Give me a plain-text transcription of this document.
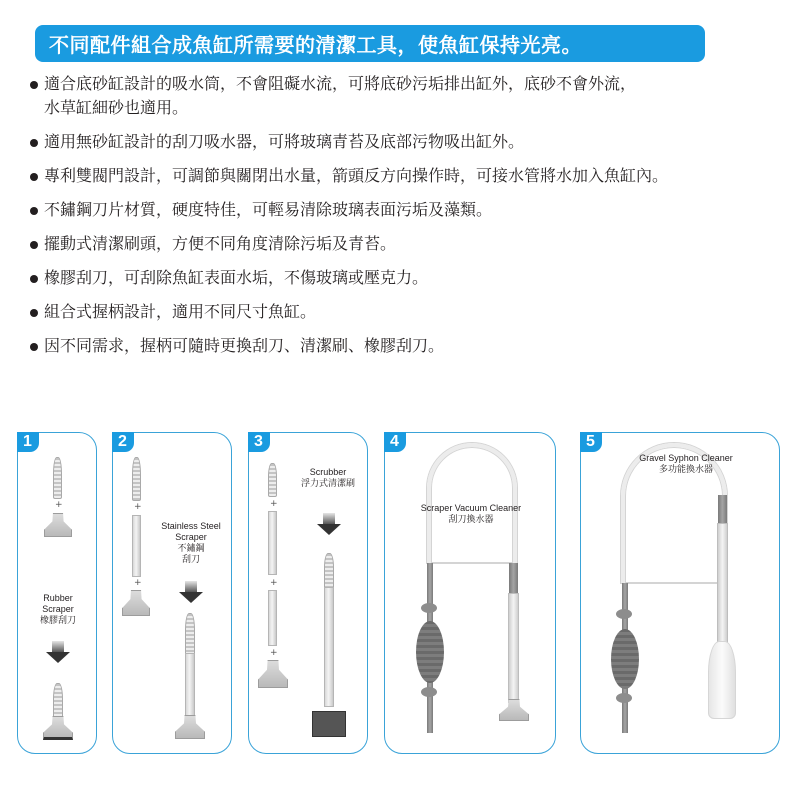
不同配件組合成魚缸所需要的清潔工具，使魚缸保持光亮。
適合底砂缸設計的吸水筒，不會阻礙水流，可將底砂污垢排出缸外，底砂不會外流，
水草缸細砂也適用。
適用無砂缸設計的刮刀吸水器，可將玻璃青苔及底部污物吸出缸外。
專利雙閥門設計，可調節與關閉出水量，箭頭反方向操作時，可接水管將水加入魚缸內。
不鏽鋼刀片材質，硬度特佳，可輕易清除玻璃表面污垢及藻類。
擺動式清潔刷頭，方便不同角度清除污垢及青苔。
橡膠刮刀，可刮除魚缸表面水垢，不傷玻璃或壓克力。
組合式握柄設計，適用不同尺寸魚缸。
因不同需求，握柄可隨時更換刮刀、清潔刷、橡膠刮刀。
1
+
Rubber
Scraper
橡膠刮刀
2
+
+
Stainless Steel
Scraper
不鏽鋼
刮刀
3
+
+
+
Scrubber
浮力式清潔刷
4
Scraper Vacuum Cleaner
刮刀換水器
5
Gravel Syphon Cleaner
多功能換水器
